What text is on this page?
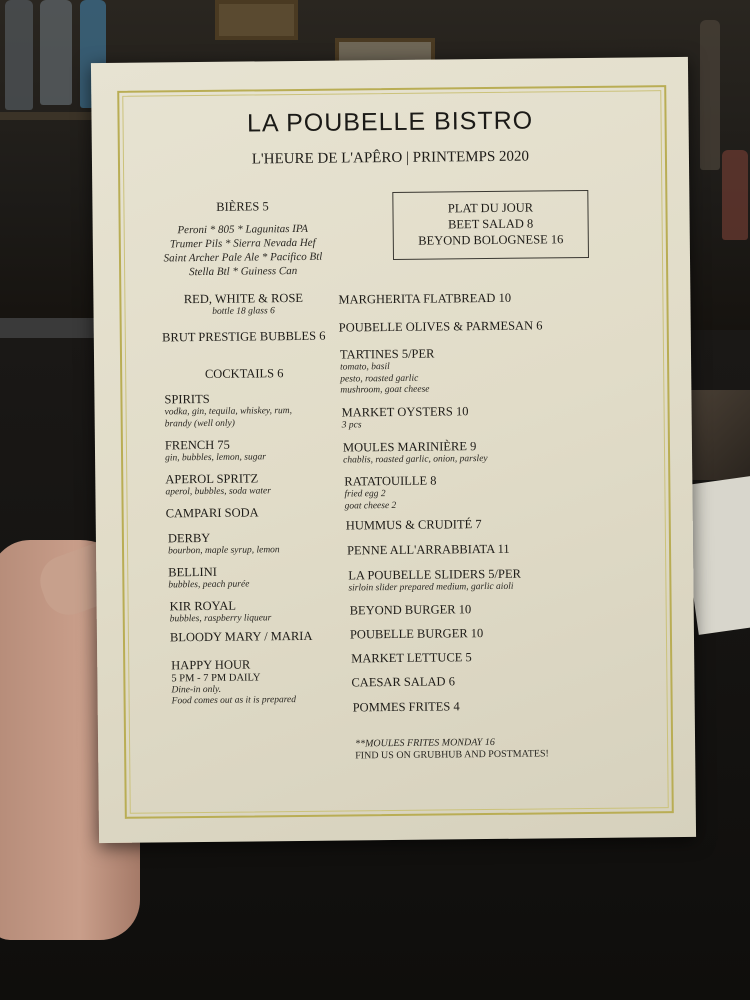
LA POUBELLE BISTRO
L'HEURE DE L'APÊRO | PRINTEMPS 2020
PLAT DU JOUR
BEET SALAD 8
BEYOND BOLOGNESE 16
BIÈRES 5
Peroni * 805 * Lagunitas IPA
Trumer Pils * Sierra Nevada Hef
Saint Archer Pale Ale * Pacifico Btl
Stella Btl * Guiness Can
RED, WHITE & ROSE
bottle 18 glass 6
BRUT PRESTIGE BUBBLES 6
COCKTAILS 6
SPIRITS
vodka, gin, tequila, whiskey, rum,
brandy (well only)
FRENCH 75
gin, bubbles, lemon, sugar
APEROL SPRITZ
aperol, bubbles, soda water
CAMPARI SODA
DERBY
bourbon, maple syrup, lemon
BELLINI
bubbles, peach purée
KIR ROYAL
bubbles, raspberry liqueur
BLOODY MARY / MARIA
HAPPY HOUR
5 PM - 7 PM DAILY
Dine-in only.
Food comes out as it is prepared
MARGHERITA FLATBREAD 10
POUBELLE OLIVES & PARMESAN 6
TARTINES 5/PER
tomato, basil
pesto, roasted garlic
mushroom, goat cheese
MARKET OYSTERS 10
3 pcs
MOULES MARINIÈRE 9
chablis, roasted garlic, onion, parsley
RATATOUILLE 8
fried egg 2
goat cheese 2
HUMMUS & CRUDITÉ 7
PENNE ALL'ARRABBIATA 11
LA POUBELLE SLIDERS 5/PER
sirloin slider prepared medium, garlic aioli
BEYOND BURGER 10
POUBELLE BURGER 10
MARKET LETTUCE 5
CAESAR SALAD 6
POMMES FRITES 4
**MOULES FRITES MONDAY 16
FIND US ON GRUBHUB AND POSTMATES!
